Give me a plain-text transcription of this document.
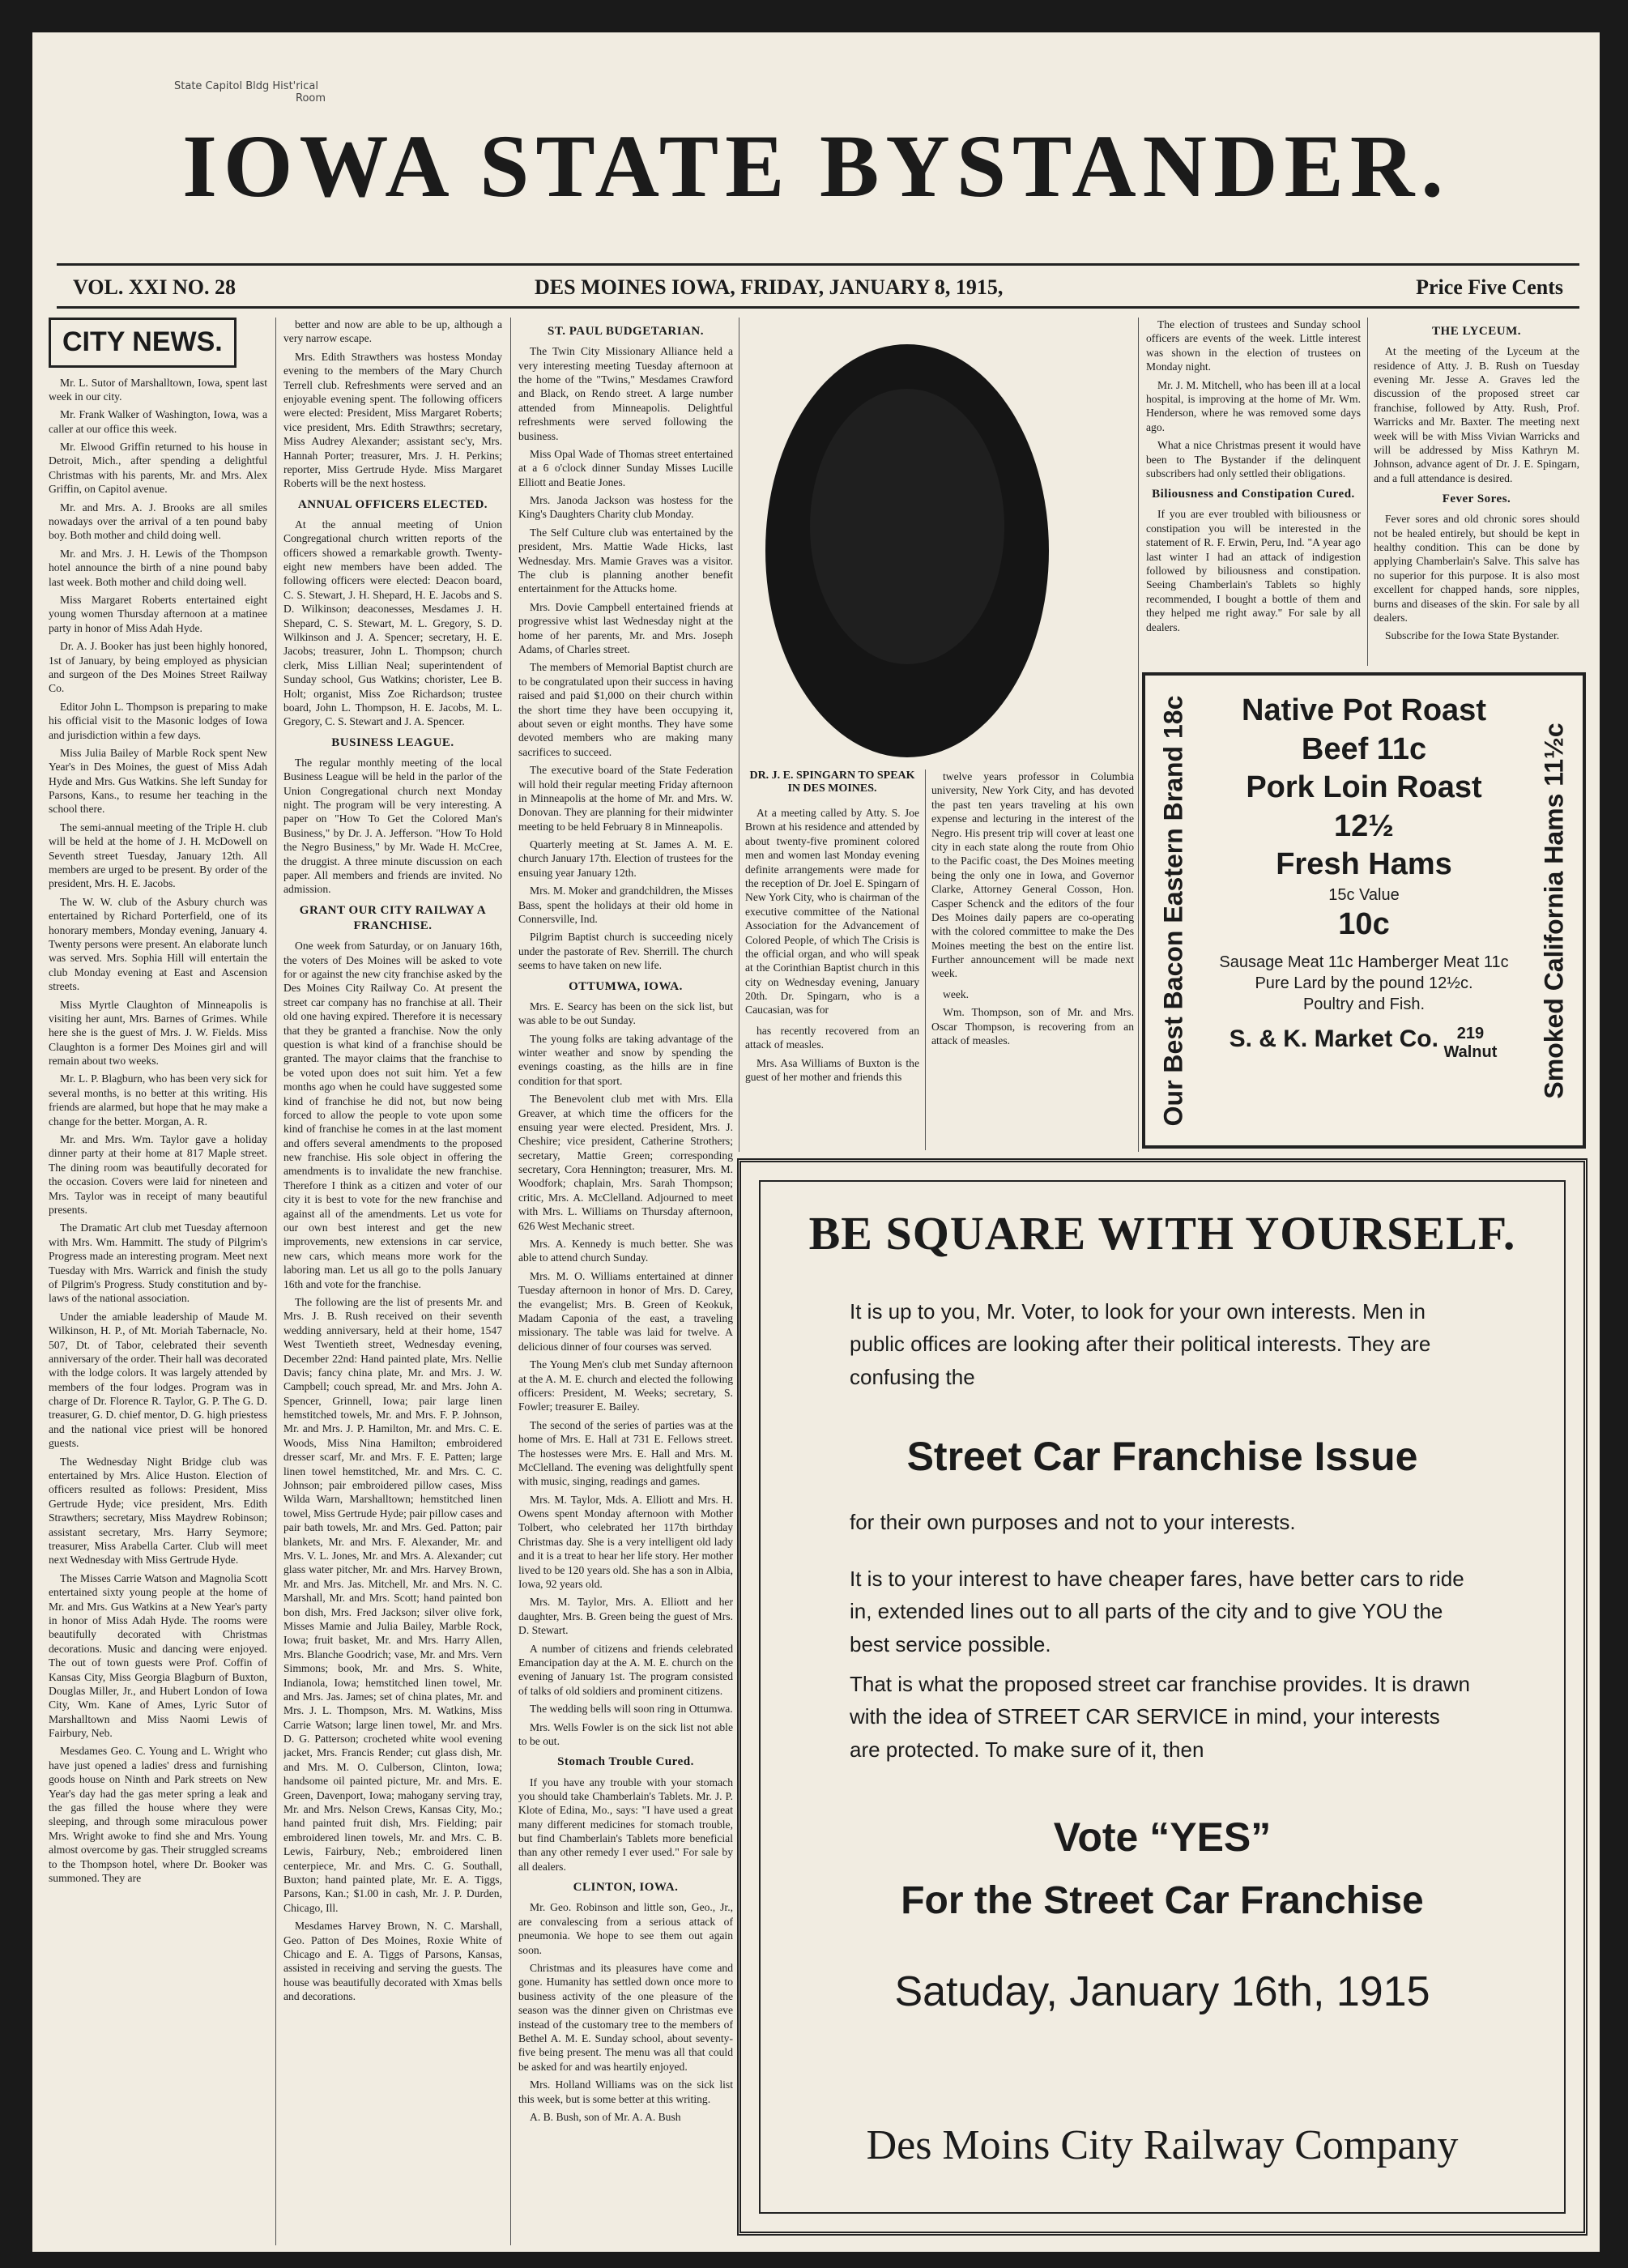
State Capitol Bldg Hist'rical
Room
IOWA STATE BYSTANDER.
VOL. XXI NO. 28	DES MOINES IOWA, FRIDAY, JANUARY 8, 1915,	Price Five Cents
CITY NEWS.

Mr. L. Sutor of Marshalltown, Iowa, spent last week in our city.

Mr. Frank Walker of Washington, Iowa, was a caller at our office this week.

Mr. Elwood Griffin returned to his house in Detroit, Mich., after spending a delightful Christmas with his parents, Mr. and Mrs. Alex Griffin, on Capitol avenue.

Mr. and Mrs. A. J. Brooks are all smiles nowadays over the arrival of a ten pound baby boy. Both mother and child doing well.

Mr. and Mrs. J. H. Lewis of the Thompson hotel announce the birth of a nine pound baby last week. Both mother and child doing well.

Miss Margaret Roberts entertained eight young women Thursday afternoon at a matinee party in honor of Miss Adah Hyde.

Dr. A. J. Booker has just been highly honored, 1st of January, by being employed as physician and surgeon of the Des Moines Street Railway Co.

Editor John L. Thompson is preparing to make his official visit to the Masonic lodges of Iowa and jurisdiction within a few days.

Miss Julia Bailey of Marble Rock spent New Year's in Des Moines, the guest of Miss Adah Hyde and Mrs. Gus Watkins. She left Sunday for Parsons, Kans., to resume her teaching in the school there.

The semi-annual meeting of the Triple H. club will be held at the home of J. H. McDowell on Seventh street Tuesday, January 12th. All members are urged to be present. By order of the president, Mrs. H. E. Jacobs.

The W. W. club of the Asbury church was entertained by Richard Porterfield, one of its honorary members, Monday evening, January 4. Twenty persons were present. An elaborate lunch was served. Mrs. Sophia Hill will entertain the club Monday evening at East and Ascension streets.

Miss Myrtle Claughton of Minneapolis is visiting her aunt, Mrs. Barnes of Grimes. While here she is the guest of Mrs. J. W. Fields. Miss Claughton is a former Des Moines girl and will remain about two weeks.

Mr. L. P. Blagburn, who has been very sick for several months, is no better at this writing. His friends are alarmed, but hope that he may make a change for the better. Morgan, A. R.

Mr. and Mrs. Wm. Taylor gave a holiday dinner party at their home at 817 Maple street. The dining room was beautifully decorated for the occasion. Covers were laid for nineteen and Mrs. Taylor was in receipt of many beautiful presents.

The Dramatic Art club met Tuesday afternoon with Mrs. Wm. Hammitt. The study of Pilgrim's Progress made an interesting program. Meet next Tuesday with Mrs. Warrick and finish the study of Pilgrim's Progress. Study constitution and by-laws of the national association.

Under the amiable leadership of Maude M. Wilkinson, H. P., of Mt. Moriah Tabernacle, No. 507, Dt. of Tabor, celebrated their seventh anniversary of the order. Their hall was decorated with the lodge colors. It was largely attended by members of the four lodges. Program was in charge of Dr. Florence R. Taylor, G. P. The G. D. treasurer, G. D. chief mentor, D. G. high priestess and the national vice priest will be honored guests.

The Wednesday Night Bridge club was entertained by Mrs. Alice Huston. Election of officers resulted as follows: President, Miss Gertrude Hyde; vice president, Mrs. Edith Strawthers; secretary, Miss Maydrew Robinson; assistant secretary, Mrs. Harry Seymore; treasurer, Miss Arabella Carter. Club will meet next Wednesday with Miss Gertrude Hyde.

The Misses Carrie Watson and Magnolia Scott entertained sixty young people at the home of Mr. and Mrs. Gus Watkins at a New Year's party in honor of Miss Adah Hyde. The rooms were beautifully decorated with Christmas decorations. Music and dancing were enjoyed. The out of town guests were Prof. Coffin of Kansas City, Miss Georgia Blagburn of Buxton, Douglas Miller, Jr., and Hubert London of Iowa City, Wm. Kane of Ames, Lyric Sutor of Marshalltown and Miss Naomi Lewis of Fairbury, Neb.

Mesdames Geo. C. Young and L. Wright who have just opened a ladies' dress and furnishing goods house on Ninth and Park streets on New Year's day had the gas meter spring a leak and the gas filled the house where they were sleeping, and through some miraculous power Mrs. Wright awoke to find she and Mrs. Young almost overcome by gas. Their struggled screams to the Thompson hotel, where Dr. Booker was summoned. They are

better and now are able to be up, although a very narrow escape.

Mrs. Edith Strawthers was hostess Monday evening to the members of the Mary Church Terrell club. Refreshments were served and an enjoyable evening spent. The following officers were elected: President, Miss Margaret Roberts; vice president, Mrs. Edith Strawthrs; secretary, Miss Audrey Alexander; assistant sec'y, Mrs. Hannah Porter; treasurer, Mrs. J. H. Perkins; reporter, Miss Gertrude Hyde. Miss Margaret Roberts will be the next hostess.

ANNUAL OFFICERS ELECTED.

At the annual meeting of Union Congregational church written reports of the officers showed a remarkable growth. Twenty-eight new members have been added. The following officers were elected: Deacon board, C. S. Stewart, J. H. Shepard, H. E. Jacobs and S. D. Wilkinson; deaconesses, Mesdames J. H. Shepard, C. S. Stewart, M. L. Gregory, S. D. Wilkinson and J. A. Spencer; secretary, H. E. Jacobs; treasurer, John L. Thompson; church clerk, Miss Lillian Neal; superintendent of Sunday school, Gus Watkins; chorister, Lee B. Holt; organist, Miss Zoe Richardson; trustee board, John L. Thompson, H. E. Jacobs, M. L. Gregory, C. S. Stewart and J. A. Spencer.

BUSINESS LEAGUE.

The regular monthly meeting of the local Business League will be held in the parlor of the Union Congregational church next Monday night. The program will be very interesting. A paper on "How To Get the Colored Man's Business," by Dr. J. A. Jefferson. "How To Hold the Negro Business," by Mr. Wade H. McCree, the druggist. A three minute discussion on each paper. All members and friends are invited. No admission.

GRANT OUR CITY RAILWAY A FRANCHISE.

One week from Saturday, or on January 16th, the voters of Des Moines will be asked to vote for or against the new city franchise asked by the Des Moines City Railway Co. At present the street car company has no franchise at all. Their old one having expired. Therefore it is necessary that they be granted a franchise. Now the only question is what kind of a franchise should be granted. The mayor claims that the franchise to be voted upon does not suit him. Yet a few months ago when he could have suggested some kind of franchise he did not, but now being forced to allow the people to vote upon some kind of franchise he comes in at the last moment and offers several amendments to the proposed new franchise. His sole object in offering the amendments is to invalidate the new franchise. Therefore I think as a citizen and voter of our city it is best to vote for the new franchise and against all of the amendments. Let us vote for our own best interest and get the new improvements, new extensions in car service, new cars, which means more work for the laboring man. Let us all go to the polls January 16th and vote for the franchise.

The following are the list of presents Mr. and Mrs. J. B. Rush received on their seventh wedding anniversary, held at their home, 1547 West Twentieth street, Wednesday evening, December 22nd: Hand painted plate, Mrs. Nellie Davis; fancy china plate, Mr. and Mrs. J. W. Campbell; couch spread, Mr. and Mrs. John A. Spencer, Grinnell, Iowa; pair large linen hemstitched towels, Mr. and Mrs. F. P. Johnson, Mr. and Mrs. J. P. Hamilton, Mr. and Mrs. C. E. Woods, Miss Nina Hamilton; embroidered dresser scarf, Mr. and Mrs. F. E. Patten; large linen towel hemstitched, Mr. and Mrs. C. C. Johnson; pair embroidered pillow cases, Miss Wilda Warn, Marshalltown; hemstitched linen towel, Miss Gertrude Hyde; pair pillow cases and pair bath towels, Mr. and Mrs. Ged. Patton; pair blankets, Mr. and Mrs. F. Alexander, Mr. and Mrs. V. L. Jones, Mr. and Mrs. A. Alexander; cut glass water pitcher, Mr. and Mrs. Harvey Brown, Mr. and Mrs. Jas. Mitchell, Mr. and Mrs. N. C. Marshall, Mr. and Mrs. Scott; hand painted bon bon dish, Mrs. Fred Jackson; silver olive fork, Misses Mamie and Julia Bailey, Marble Rock, Iowa; fruit basket, Mr. and Mrs. Harry Allen, Mrs. Blanche Goodrich; vase, Mr. and Mrs. Vern Simmons; book, Mr. and Mrs. S. White, Indianola, Iowa; hemstitched linen towel, Mr. and Mrs. Jas. James; set of china plates, Mr. and Mrs. J. L. Thompson, Mrs. M. Watkins, Miss Carrie Watson; large linen towel, Mr. and Mrs. D. G. Patterson; crocheted white wool evening jacket, Mrs. Francis Render; cut glass dish, Mr. and Mrs. M. O. Culberson, Clinton, Iowa; handsome oil painted picture, Mr. and Mrs. E. Green, Davenport, Iowa; mahogany serving tray, Mr. and Mrs. Nelson Crews, Kansas City, Mo.; hand painted fruit dish, Mrs. Fielding; pair embroidered linen towels, Mr. and Mrs. C. B. Lewis, Fairbury, Neb.; embroidered linen centerpiece, Mr. and Mrs. C. G. Southall, Buxton; hand painted plate, Mr. E. A. Tiggs, Parsons, Kan.; $1.00 in cash, Mr. J. P. Durden, Chicago, Ill.

Mesdames Harvey Brown, N. C. Marshall, Geo. Patton of Des Moines, Roxie White of Chicago and E. A. Tiggs of Parsons, Kansas, assisted in receiving and serving the guests. The house was beautifully decorated with Xmas bells and decorations.

ST. PAUL BUDGETARIAN.

The Twin City Missionary Alliance held a very interesting meeting Tuesday afternoon at the home of the "Twins," Mesdames Crawford and Black, on Rendo street. A large number attended from Minneapolis. Delightful refreshments were served following the business.

Miss Opal Wade of Thomas street entertained at a 6 o'clock dinner Sunday Misses Lucille Elliott and Beatie Jones.

Mrs. Janoda Jackson was hostess for the King's Daughters Charity club Monday.

The Self Culture club was entertained by the president, Mrs. Mattie Wade Hicks, last Wednesday. Mrs. Mamie Graves was a visitor. The club is planning another benefit entertainment for the Attucks home.

Mrs. Dovie Campbell entertained friends at progressive whist last Wednesday night at the home of her parents, Mr. and Mrs. Joseph Adams, of Charles street.

The members of Memorial Baptist church are to be congratulated upon their success in having raised and paid $1,000 on their church within the short time they have been occupying it, about seven or eight months. They have some devoted members who are making many sacrifices to succeed.

The executive board of the State Federation will hold their regular meeting Friday afternoon in Minneapolis at the home of Mr. and Mrs. W. Donovan. They are planning for their midwinter meeting to be held February 8 in Minneapolis.

Quarterly meeting at St. James A. M. E. church January 17th. Election of trustees for the ensuing year January 12th.

Mrs. M. Moker and grandchildren, the Misses Bass, spent the holidays at their old home in Connersville, Ind.

Pilgrim Baptist church is succeeding nicely under the pastorate of Rev. Sherrill. The church seems to have taken on new life.

OTTUMWA, IOWA.

Mrs. E. Searcy has been on the sick list, but was able to be out Sunday.

The young folks are taking advantage of the winter weather and snow by spending the evenings coasting, as the hills are in fine condition for that sport.

The Benevolent club met with Mrs. Ella Greaver, at which time the officers for the ensuing year were elected. President, Mrs. J. Cheshire; vice president, Catherine Strothers; secretary, Mattie Green; corresponding secretary, Cora Hennington; treasurer, Mrs. M. Woodfork; chaplain, Mrs. Sarah Thompson; critic, Mrs. A. McClelland. Adjourned to meet with Mrs. L. Williams on Thursday afternoon, 626 West Mechanic street.

Mrs. A. Kennedy is much better. She was able to attend church Sunday.

Mrs. M. O. Williams entertained at dinner Tuesday afternoon in honor of Mrs. D. Carey, the evangelist; Mrs. B. Green of Keokuk, Madam Caponia of the east, a traveling missionary. The table was laid for twelve. A delicious dinner of four courses was served.

The Young Men's club met Sunday afternoon at the A. M. E. church and elected the following officers: President, M. Weeks; secretary, S. Fowler; treasurer E. Bailey.

The second of the series of parties was at the home of Mrs. E. Hall at 731 E. Fellows street. The hostesses were Mrs. E. Hall and Mrs. M. McClelland. The evening was delightfully spent with music, singing, readings and games.

Mrs. M. Taylor, Mds. A. Elliott and Mrs. H. Owens spent Monday afternoon with Mother Tolbert, who celebrated her 117th birthday Christmas day. She is a very intelligent old lady and it is a treat to hear her life story. Her mother lived to be 120 years old. She has a son in Albia, Iowa, 92 years old.

Mrs. M. Taylor, Mrs. A. Elliott and her daughter, Mrs. B. Green being the guest of Mrs. D. Stewart.

A number of citizens and friends celebrated Emancipation day at the A. M. E. church on the evening of January 1st. The program consisted of talks of old soldiers and prominent citizens.

The wedding bells will soon ring in Ottumwa.

Mrs. Wells Fowler is on the sick list not able to be out.

Stomach Trouble Cured.

If you have any trouble with your stomach you should take Chamberlain's Tablets. Mr. J. P. Klote of Edina, Mo., says: "I have used a great many different medicines for stomach trouble, but find Chamberlain's Tablets more beneficial than any other remedy I ever used." For sale by all dealers.

CLINTON, IOWA.

Mr. Geo. Robinson and little son, Geo., Jr., are convalescing from a serious attack of pneumonia. We hope to see them out again soon.

Christmas and its pleasures have come and gone. Humanity has settled down once more to business activity of the one pleasure of the season was the dinner given on Christmas eve instead of the customary tree to the members of Bethel A. M. E. Sunday school, about seventy-five being present. The menu was all that could be asked for and was heartily enjoyed.

Mrs. Holland Williams was on the sick list this week, but is some better at this writing.

A. B. Bush, son of Mr. A. A. Bush

DR. J. E. SPINGARN TO SPEAK IN DES MOINES.

At a meeting called by Atty. S. Joe Brown at his residence and attended by about twenty-five prominent colored men and women last Monday evening definite arrangements were made for the reception of Dr. Joel E. Spingarn of New York City, who is chairman of the executive committee of the National Association for the Advancement of Colored People, of which The Crisis is the official organ, and who will speak at the Corinthian Baptist church in this city on Wednesday evening, January 20th. Dr. Spingarn, who is a Caucasian, was for

has recently recovered from an attack of measles.

Mrs. Asa Williams of Buxton is the guest of her mother and friends this

twelve years professor in Columbia university, New York City, and has devoted the past ten years traveling at his own expense and lecturing in the interest of the Negro. His present trip will cover at least one city in each state along the route from Ohio to the Pacific coast, the Des Moines meeting being the only one in Iowa, and Governor Clarke, Attorney General Cosson, Hon. Casper Schenck and the editors of the four Des Moines daily papers are co-operating with the colored committee to make the Des Moines meeting the best on the entire list. Further announcement will be made next week.

week.

Wm. Thompson, son of Mr. and Mrs. Oscar Thompson, is recovering from an attack of measles.

The election of trustees and Sunday school officers are events of the week. Little interest was shown in the election of trustees on Monday night.

Mr. J. M. Mitchell, who has been ill at a local hospital, is improving at the home of Mr. Wm. Henderson, where he was removed some days ago.

What a nice Christmas present it would have been to The Bystander if the delinquent subscribers had only settled their obligations.

Biliousness and Constipation Cured.

If you are ever troubled with biliousness or constipation you will be interested in the statement of R. F. Erwin, Peru, Ind. "A year ago last winter I had an attack of indigestion followed by biliousness and constipation. Seeing Chamberlain's Tablets so highly recommended, I bought a bottle of them and they helped me right away." For sale by all dealers.

THE LYCEUM.

At the meeting of the Lyceum at the residence of Atty. J. B. Rush on Tuesday evening Mr. Jesse A. Graves led the discussion of the proposed street car franchise, followed by Atty. Rush, Prof. Warricks and Mr. Baxter. The meeting next week will be with Miss Vivian Warricks and will be addressed by Miss Kathryn M. Johnson, advance agent of Dr. J. E. Spingarn, and a full attendance is desired.

Fever Sores.

Fever sores and old chronic sores should not be healed entirely, but should be kept in healthy condition. This can be done by applying Chamberlain's Salve. This salve has no superior for this purpose. It is also most excellent for chapped hands, sore nipples, burns and diseases of the skin. For sale by all dealers.

Subscribe for the Iowa State Bystander.

Our Best Bacon Eastern Brand 18c	Smoked California Hams 11½c
Native Pot Roast
Beef 11c
Pork Loin Roast
12½
Fresh Hams
15c Value
10c
Sausage Meat 11c Hamberger Meat 11c
Pure Lard by the pound 12½c.
Poultry and Fish.
S. & K. Market Co. 219 Walnut
BE SQUARE WITH YOURSELF.
It is up to you, Mr. Voter, to look for your own interests. Men in public offices are looking after their political interests. They are confusing the
Street Car Franchise Issue
for their own purposes and not to your interests.
It is to your interest to have cheaper fares, have better cars to ride in, extended lines out to all parts of the city and to give YOU the best service possible.
That is what the proposed street car franchise provides. It is drawn with the idea of STREET CAR SERVICE in mind, your interests are protected. To make sure of it, then
Vote “YES”
For the Street Car Franchise
Satuday, January 16th, 1915
Des Moins City Railway Company
